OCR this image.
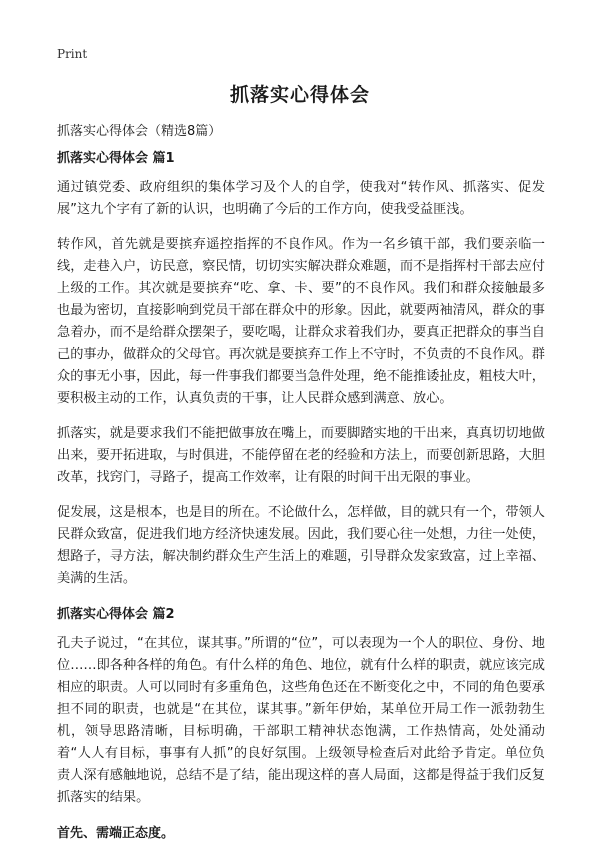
Print
抓落实心得体会

抓落实心得体会（精选8篇）

抓落实心得体会 篇1

通过镇党委、政府组织的集体学习及个人的自学，使我对“转作风、抓落实、促发展”这九个字有了新的认识，也明确了今后的工作方向，使我受益匪浅。

转作风，首先就是要摈弃遥控指挥的不良作风。作为一名乡镇干部，我们要亲临一线，走巷入户，访民意，察民情，切切实实解决群众难题，而不是指挥村干部去应付上级的工作。其次就是要摈弃“吃、拿、卡、要”的不良作风。我们和群众接触最多也最为密切，直接影响到党员干部在群众中的形象。因此，就要两袖清风，群众的事急着办，而不是给群众摆架子，要吃喝，让群众求着我们办，要真正把群众的事当自己的事办，做群众的父母官。再次就是要摈弃工作上不守时，不负责的不良作风。群众的事无小事，因此，每一件事我们都要当急件处理，绝不能推诿扯皮，粗枝大叶，要积极主动的工作，认真负责的干事，让人民群众感到满意、放心。

抓落实，就是要求我们不能把做事放在嘴上，而要脚踏实地的干出来，真真切切地做出来，要开拓进取，与时俱进，不能停留在老的经验和方法上，而要创新思路，大胆改革，找窍门，寻路子，提高工作效率，让有限的时间干出无限的事业。

促发展，这是根本，也是目的所在。不论做什么，怎样做，目的就只有一个，带领人民群众致富，促进我们地方经济快速发展。因此，我们要心往一处想，力往一处使，想路子，寻方法，解决制约群众生产生活上的难题，引导群众发家致富，过上幸福、美满的生活。

抓落实心得体会 篇2

孔夫子说过，“在其位，谋其事。”所谓的“位”，可以表现为一个人的职位、身份、地位……即各种各样的角色。有什么样的角色、地位，就有什么样的职责，就应该完成相应的职责。人可以同时有多重角色，这些角色还在不断变化之中，不同的角色要承担不同的职责，也就是“在其位，谋其事。”新年伊始，某单位开局工作一派勃勃生机，领导思路清晰，目标明确，干部职工精神状态饱满，工作热情高，处处涌动着“人人有目标，事事有人抓”的良好氛围。上级领导检查后对此给予肯定。单位负责人深有感触地说，总结不是了结，能出现这样的喜人局面，这都是得益于我们反复抓落实的结果。

首先、需端正态度。
